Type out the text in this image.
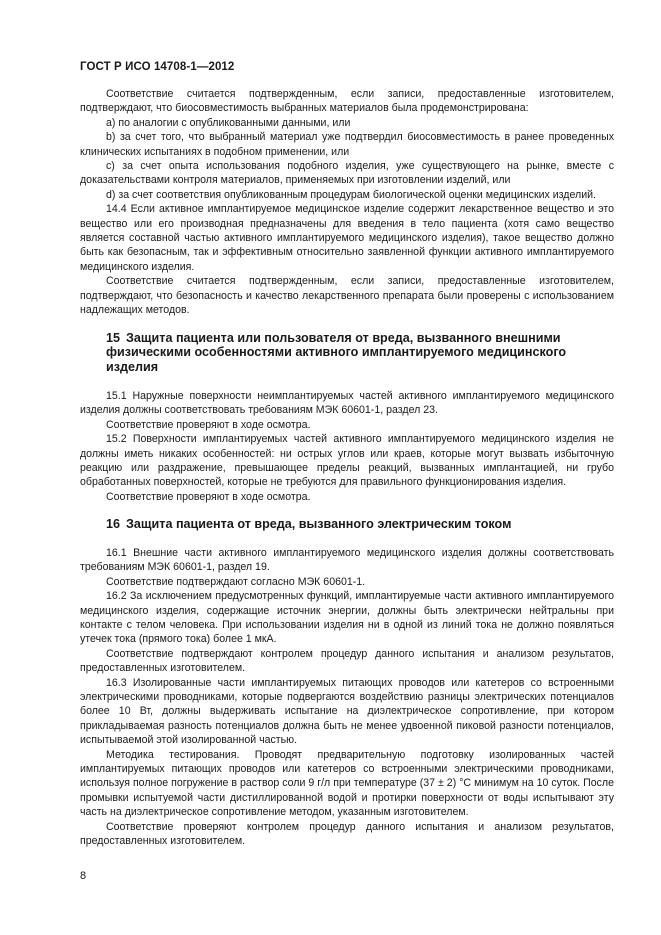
ГОСТ Р ИСО 14708-1—2012

Соответствие считается подтвержденным, если записи, предоставленные изготовителем, подтверждают, что биосовместимость выбранных материалов была продемонстрирована:

a) по аналогии с опубликованными данными, или

b) за счет того, что выбранный материал уже подтвердил биосовместимость в ранее проведенных клинических испытаниях в подобном применении, или

c) за счет опыта использования подобного изделия, уже существующего на рынке, вместе с доказательствами контроля материалов, применяемых при изготовлении изделий, или

d) за счет соответствия опубликованным процедурам биологической оценки медицинских изделий.

14.4 Если активное имплантируемое медицинское изделие содержит лекарственное вещество и это вещество или его производная предназначены для введения в тело пациента (хотя само вещество является составной частью активного имплантируемого медицинского изделия), такое вещество должно быть как безопасным, так и эффективным относительно заявленной функции активного имплантируемого медицинского изделия.

Соответствие считается подтвержденным, если записи, предоставленные изготовителем, подтверждают, что безопасность и качество лекарственного препарата были проверены с использованием надлежащих методов.

15 Защита пациента или пользователя от вреда, вызванного внешними физическими особенностями активного имплантируемого медицинского изделия

15.1 Наружные поверхности неимплантируемых частей активного имплантируемого медицинского изделия должны соответствовать требованиям МЭК 60601-1, раздел 23.

Соответствие проверяют в ходе осмотра.

15.2 Поверхности имплантируемых частей активного имплантируемого медицинского изделия не должны иметь никаких особенностей: ни острых углов или краев, которые могут вызвать избыточную реакцию или раздражение, превышающее пределы реакций, вызванных имплантацией, ни грубо обработанных поверхностей, которые не требуются для правильного функционирования изделия.

Соответствие проверяют в ходе осмотра.

16 Защита пациента от вреда, вызванного электрическим током

16.1 Внешние части активного имплантируемого медицинского изделия должны соответствовать требованиям МЭК 60601-1, раздел 19.

Соответствие подтверждают согласно МЭК 60601-1.

16.2 За исключением предусмотренных функций, имплантируемые части активного имплантируемого медицинского изделия, содержащие источник энергии, должны быть электрически нейтральны при контакте с телом человека. При использовании изделия ни в одной из линий тока не должно появляться утечек тока (прямого тока) более 1 мкА.

Соответствие подтверждают контролем процедур данного испытания и анализом результатов, предоставленных изготовителем.

16.3 Изолированные части имплантируемых питающих проводов или катетеров со встроенными электрическими проводниками, которые подвергаются воздействию разницы электрических потенциалов более 10 Вт, должны выдерживать испытание на диэлектрическое сопротивление, при котором прикладываемая разность потенциалов должна быть не менее удвоенной пиковой разности потенциалов, испытываемой этой изолированной частью.

Методика тестирования. Проводят предварительную подготовку изолированных частей имплантируемых питающих проводов или катетеров со встроенными электрическими проводниками, используя полное погружение в раствор соли 9 г/л при температуре (37 ± 2) °С минимум на 10 суток. После промывки испытуемой части дистиллированной водой и протирки поверхности от воды испытывают эту часть на диэлектрическое сопротивление методом, указанным изготовителем.

Соответствие проверяют контролем процедур данного испытания и анализом результатов, предоставленных изготовителем.

8
